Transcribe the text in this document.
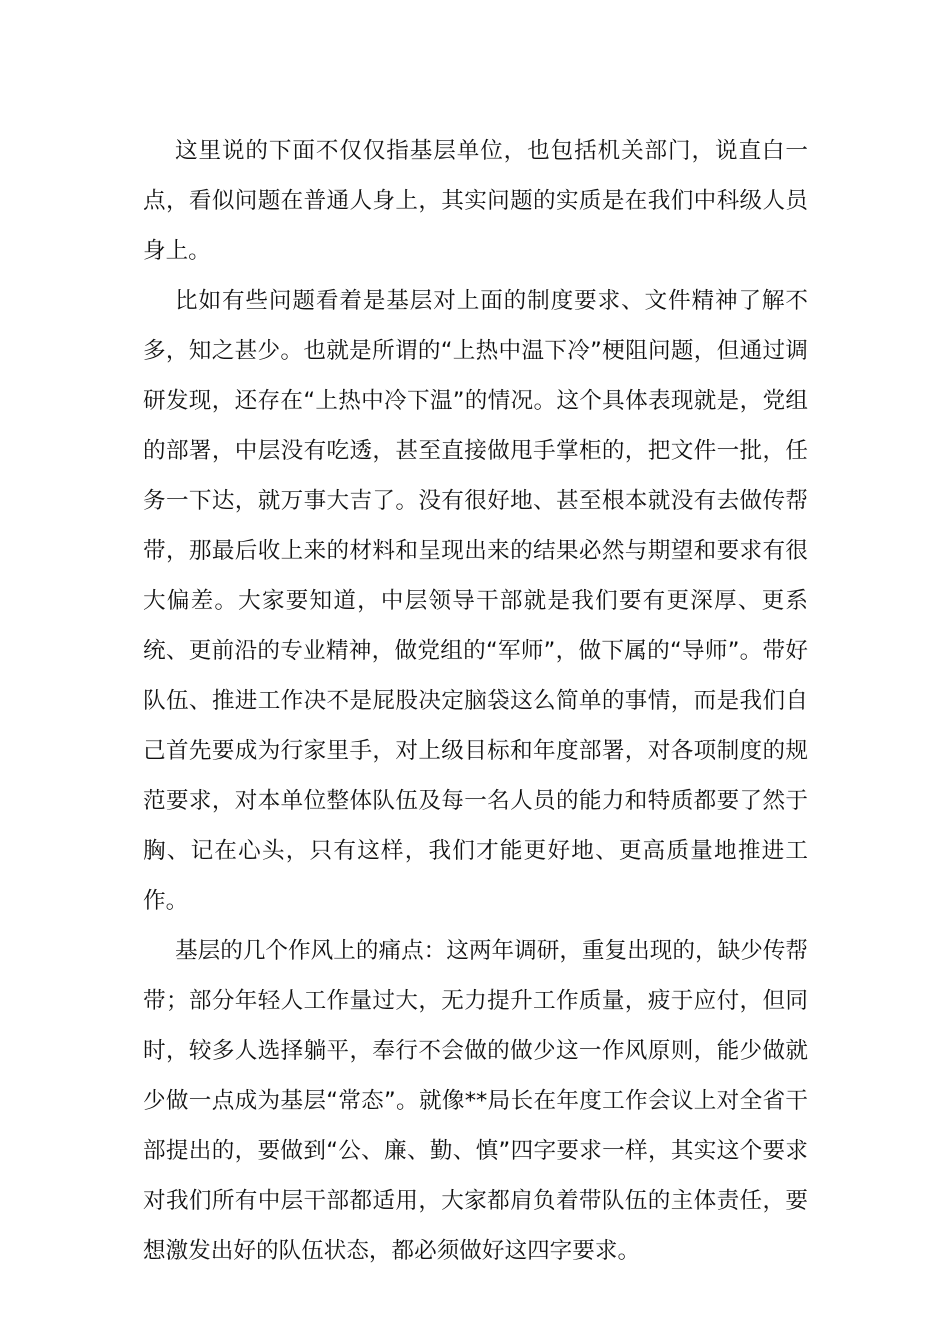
这里说的下面不仅仅指基层单位，也包括机关部门，说直白一点，看似问题在普通人身上，其实问题的实质是在我们中科级人员身上。

比如有些问题看着是基层对上面的制度要求、文件精神了解不多，知之甚少。也就是所谓的“上热中温下冷”梗阻问题，但通过调研发现，还存在“上热中冷下温”的情况。这个具体表现就是，党组的部署，中层没有吃透，甚至直接做甩手掌柜的，把文件一批，任务一下达，就万事大吉了。没有很好地、甚至根本就没有去做传帮带，那最后收上来的材料和呈现出来的结果必然与期望和要求有很大偏差。大家要知道，中层领导干部就是我们要有更深厚、更系统、更前沿的专业精神，做党组的“军师”，做下属的“导师”。带好队伍、推进工作决不是屁股决定脑袋这么简单的事情，而是我们自己首先要成为行家里手，对上级目标和年度部署，对各项制度的规范要求，对本单位整体队伍及每一名人员的能力和特质都要了然于胸、记在心头，只有这样，我们才能更好地、更高质量地推进工作。

基层的几个作风上的痛点：这两年调研，重复出现的，缺少传帮带；部分年轻人工作量过大，无力提升工作质量，疲于应付，但同时，较多人选择躺平，奉行不会做的做少这一作风原则，能少做就少做一点成为基层“常态”。就像**局长在年度工作会议上对全省干部提出的，要做到“公、廉、勤、慎”四字要求一样，其实这个要求对我们所有中层干部都适用，大家都肩负着带队伍的主体责任，要想激发出好的队伍状态，都必须做好这四字要求。
